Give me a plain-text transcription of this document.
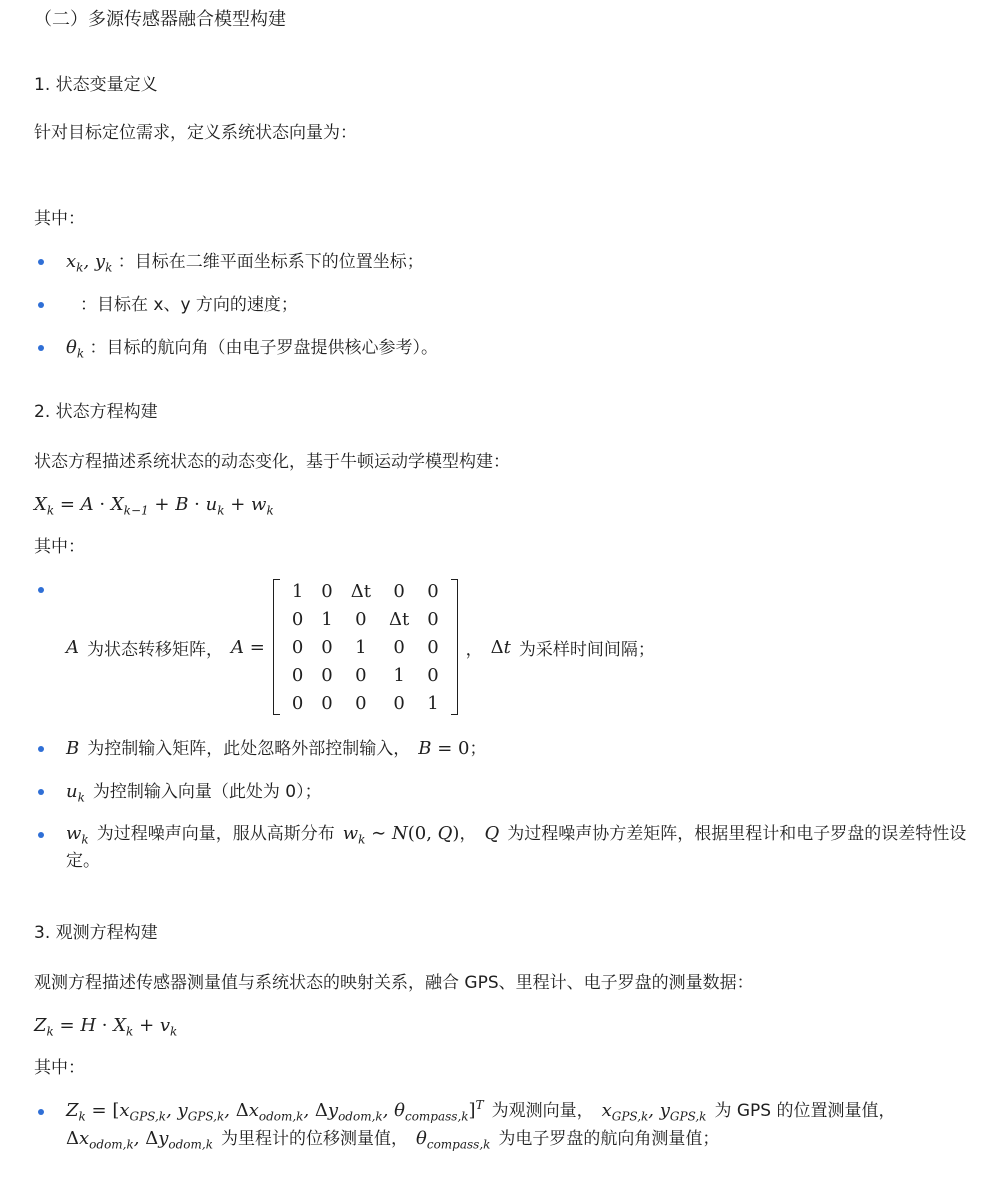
（二）多源传感器融合模型构建
1. 状态变量定义
针对目标定位需求，定义系统状态向量为：
其中：
$x_k$, $y_k$ ：目标在二维平面坐标系下的位置坐标；
：目标在 x、y 方向的速度；
$\theta_k$ ：目标的航向角（由电子罗盘提供核心参考）。
2. 状态方程构建
状态方程描述系统状态的动态变化，基于牛顿运动学模型构建：
$X_k = A \cdot X_{k-1} + B \cdot u_k + w_k$
其中：
A 为状态转移矩阵， A =
1	0	Δt	0	0
0	1	0	Δt	0
0	0	1	0	0
0	0	0	1	0
0	0	0	0	1
， Δt 为采样时间间隔；
B 为控制输入矩阵，此处忽略外部控制输入， B = 0；
$u_k$ 为控制输入向量（此处为 0）；
$w_k$ 为过程噪声向量，服从高斯分布 $w_k$ ∼ N(0, Q)， Q 为过程噪声协方差矩阵，根据里程计和电子罗盘的误差特性设定。
3. 观测方程构建
观测方程描述传感器测量值与系统状态的映射关系，融合 GPS、里程计、电子罗盘的测量数据：
$Z_k = H \cdot X_k + v_k$
其中：
$Z_k = [x_{GPS,k}$, $y_{GPS,k}$, $\Delta x_{odom,k}$, $\Delta y_{odom,k}$, $\theta_{compass,k}]^T$ 为观测向量， $x_{GPS,k}$, $y_{GPS,k}$ 为 GPS 的位置测量值，$\Delta x_{odom,k}$, $\Delta y_{odom,k}$ 为里程计的位移测量值， $\theta_{compass,k}$ 为电子罗盘的航向角测量值；
